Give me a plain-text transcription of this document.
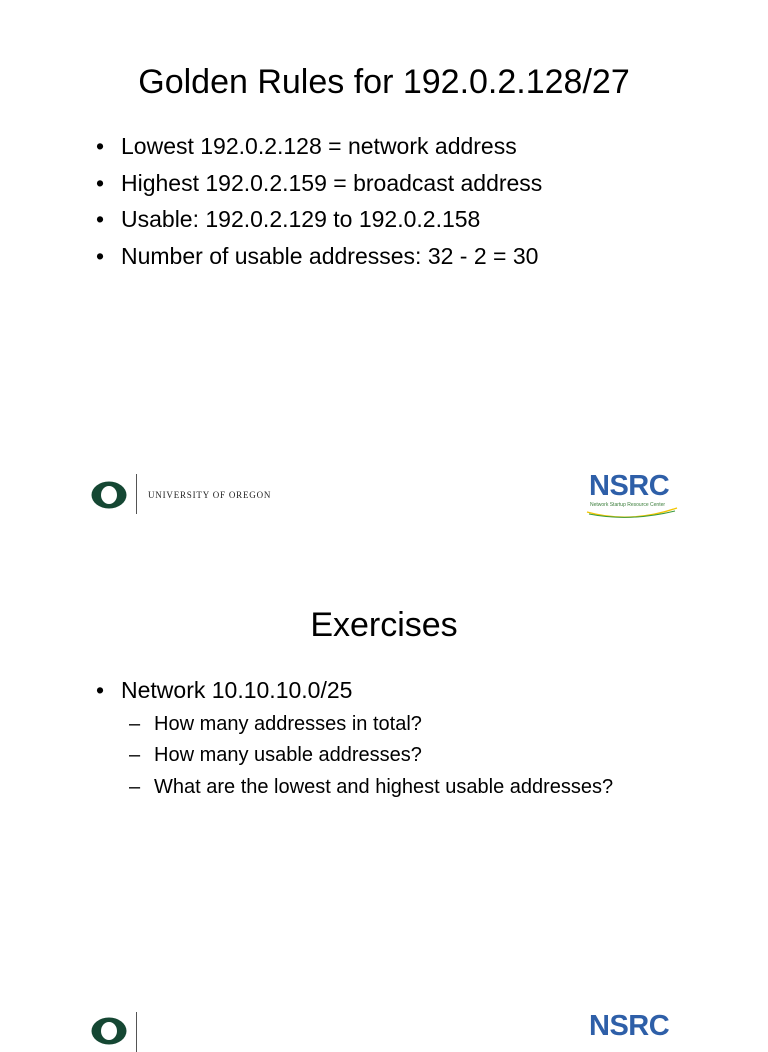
Golden Rules for 192.0.2.128/27
• Lowest 192.0.2.128 = network address
• Highest 192.0.2.159 = broadcast address
• Usable: 192.0.2.129 to 192.0.2.158
• Number of usable addresses: 32 - 2 = 30
UNIVERSITY OF OREGON	NSRC
Network Startup Resource Center
Exercises
• Network 10.10.10.0/25
– How many addresses in total?
– How many usable addresses?
– What are the lowest and highest usable addresses?
NSRC
